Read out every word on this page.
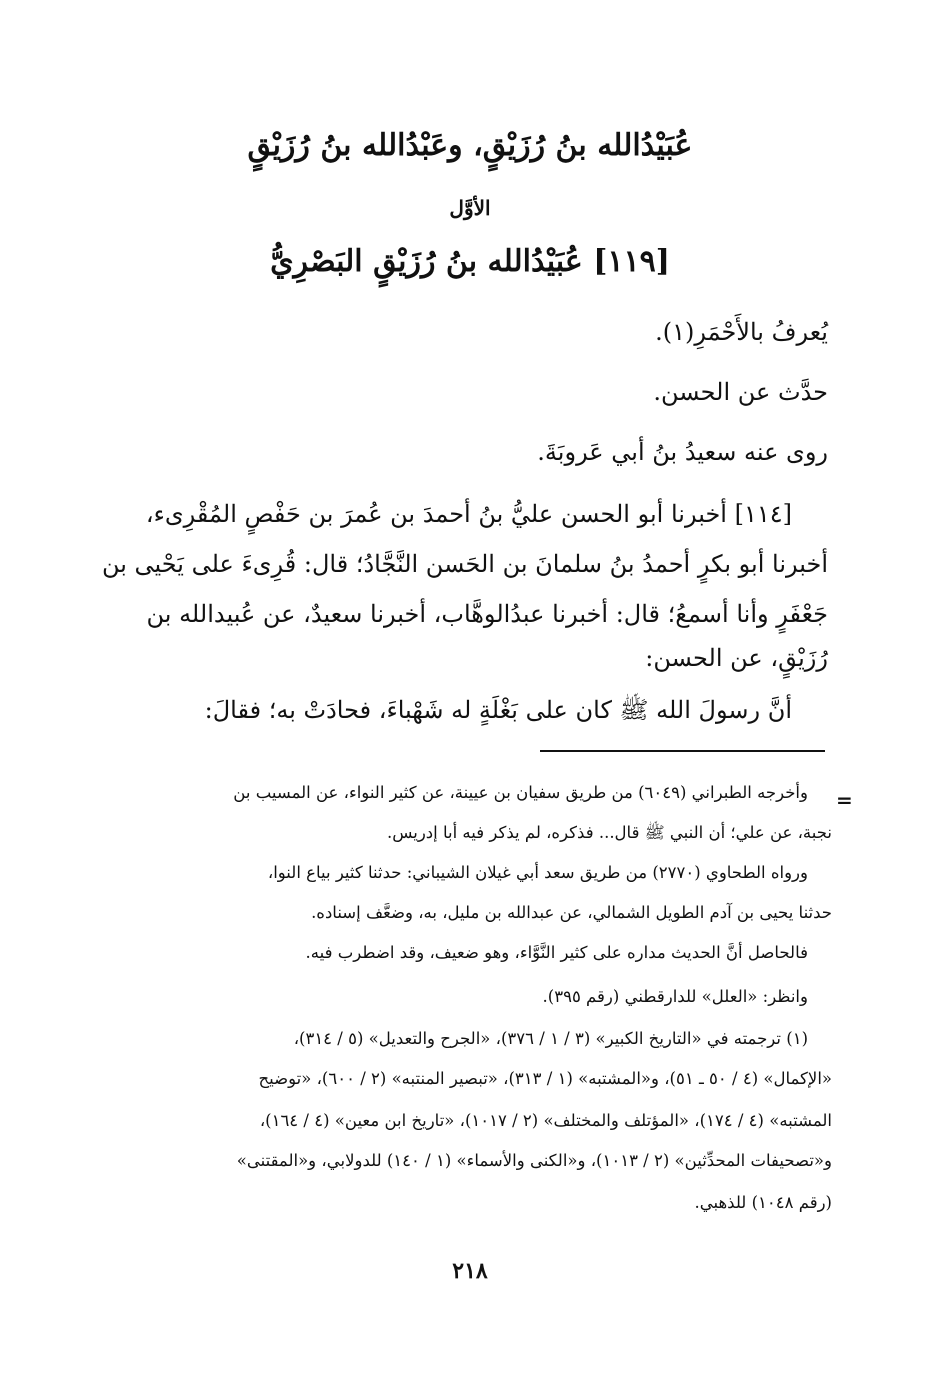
عُبَيْدُالله بنُ رُزَيْقٍ، وعَبْدُالله بنُ رُزَيْقٍ
الأوَّل
[١١٩] عُبَيْدُالله بنُ رُزَيْقٍ البَصْرِيُّ
يُعرفُ بالأَحْمَرِ(١).
حدَّث عن الحسن.
روى عنه سعيدُ بنُ أبي عَروبَةَ.
[١١٤] أخبرنا أبو الحسن عليُّ بنُ أحمدَ بن عُمرَ بن حَفْصٍ المُقْرِىء،
أخبرنا أبو بكرٍ أحمدُ بنُ سلمانَ بن الحَسن النَّجَّادُ؛ قال: قُرِىءَ على يَحْيى بن
جَعْفَرٍ وأنا أسمعُ؛ قال: أخبرنا عبدُالوهَّاب، أخبرنا سعيدٌ، عن عُبيدالله بن
رُزَيْقٍ، عن الحسن:
أنَّ رسولَ الله ﷺ كان على بَغْلَةٍ له شَهْباءَ، فحادَتْ به؛ فقالَ:
=
وأخرجه الطبراني (٦٠٤٩) من طريق سفيان بن عيينة، عن كثير النواء، عن المسيب بن
نجبة، عن علي؛ أن النبي ﷺ قال... فذكره، لم يذكر فيه أبا إدريس.
ورواه الطحاوي (٢٧٧٠) من طريق سعد أبي غيلان الشيباني: حدثنا كثير بياع النوا،
حدثنا يحيى بن آدم الطويل الشمالي، عن عبدالله بن مليل، به، وضعَّف إسناده.
فالحاصل أنَّ الحديث مداره على كثير النَّوَّاء، وهو ضعيف، وقد اضطرب فيه.
وانظر: «العلل» للدارقطني (رقم ٣٩٥).
(١) ترجمته في «التاريخ الكبير» (٣ / ١ / ٣٧٦)، «الجرح والتعديل» (٥ / ٣١٤)،
«الإكمال» (٤ / ٥٠ ـ ٥١)، و«المشتبه» (١ / ٣١٣)، «تبصير المنتبه» (٢ / ٦٠٠)، «توضيح
المشتبه» (٤ / ١٧٤)، «المؤتلف والمختلف» (٢ / ١٠١٧)، «تاريخ ابن معين» (٤ / ١٦٤)،
و«تصحيفات المحدِّثين» (٢ / ١٠١٣)، و«الكنى والأسماء» (١ / ١٤٠) للدولابي، و«المقتنى»
(رقم ١٠٤٨) للذهبي.
٢١٨
